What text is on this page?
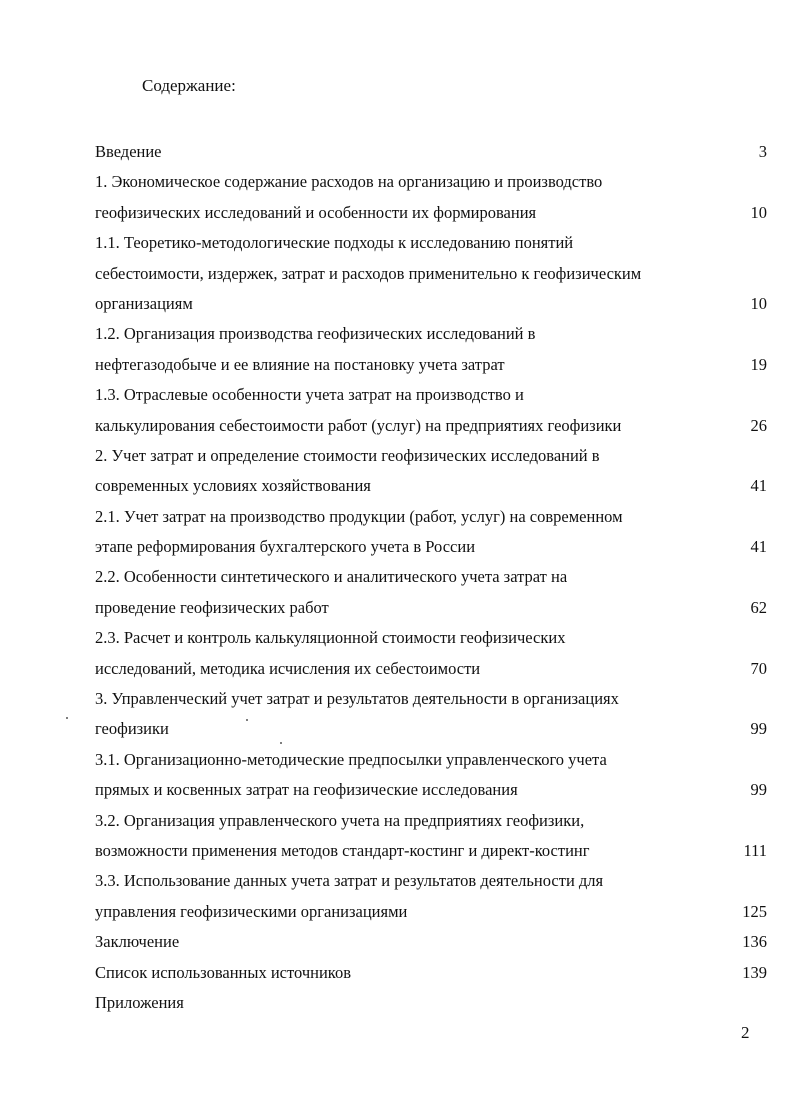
Содержание:
Введение	3
1. Экономическое содержание расходов на организацию и производство
геофизических исследований и особенности их формирования	10
1.1. Теоретико-методологические подходы к исследованию понятий
себестоимости, издержек, затрат и расходов применительно к геофизическим
организациям	10
1.2. Организация производства геофизических исследований в
нефтегазодобыче и ее влияние на постановку учета затрат	19
1.3. Отраслевые особенности учета затрат на производство и
калькулирования себестоимости работ (услуг) на предприятиях геофизики	26
2. Учет затрат и определение стоимости геофизических исследований в
современных условиях хозяйствования	41
2.1. Учет затрат на производство продукции (работ, услуг) на современном
этапе реформирования бухгалтерского учета в России	41
2.2. Особенности синтетического и аналитического учета затрат на
проведение геофизических работ	62
2.3. Расчет и контроль калькуляционной стоимости геофизических
исследований, методика исчисления их себестоимости	70
3. Управленческий учет затрат и результатов деятельности в организациях
геофизики	99
3.1. Организационно-методические предпосылки управленческого учета
прямых и косвенных затрат на геофизические исследования	99
3.2. Организация управленческого учета на предприятиях геофизики,
возможности применения методов стандарт-костинг и директ-костинг	111
3.3. Использование данных учета затрат и результатов деятельности для
управления геофизическими организациями	125
Заключение	136
Список использованных источников	139
Приложения
2
